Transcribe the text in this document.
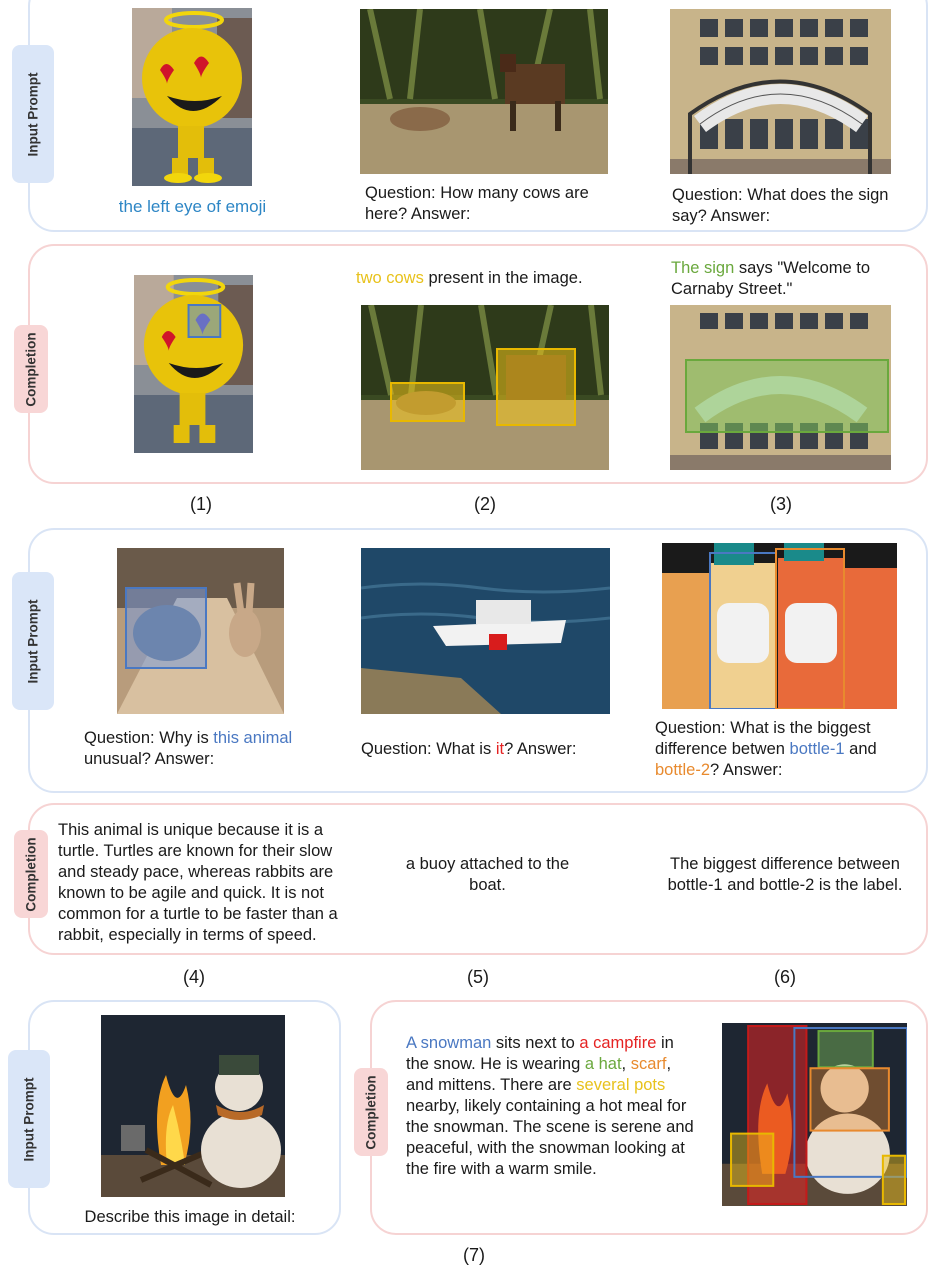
Input Prompt
the left eye of emoji
Question: How many cows are here? Answer:
Question: What does the sign say? Answer:
Completion
two cows present in the image.
The sign says "Welcome to Carnaby Street."
(1)	(2)	(3)
Input Prompt
Question: Why is this animal unusual? Answer:
Question: What is it? Answer:
Question: What is the biggest difference betwen bottle-1 and bottle-2? Answer:
Completion
This animal is unique because it is a turtle. Turtles are known for their slow and steady pace, whereas rabbits are known to be agile and quick. It is not common for a turtle to be faster than a rabbit, especially in terms of speed.
a buoy attached to the boat.
The biggest difference between bottle-1 and bottle-2 is the label.
(4)	(5)	(6)
Input Prompt
Describe this image in detail:
Completion
A snowman sits next to a campfire in the snow. He is wearing a hat, scarf, and mittens. There are several pots nearby, likely containing a hot meal for the snowman. The scene is serene and peaceful, with the snowman looking at the fire with a warm smile.
(7)
